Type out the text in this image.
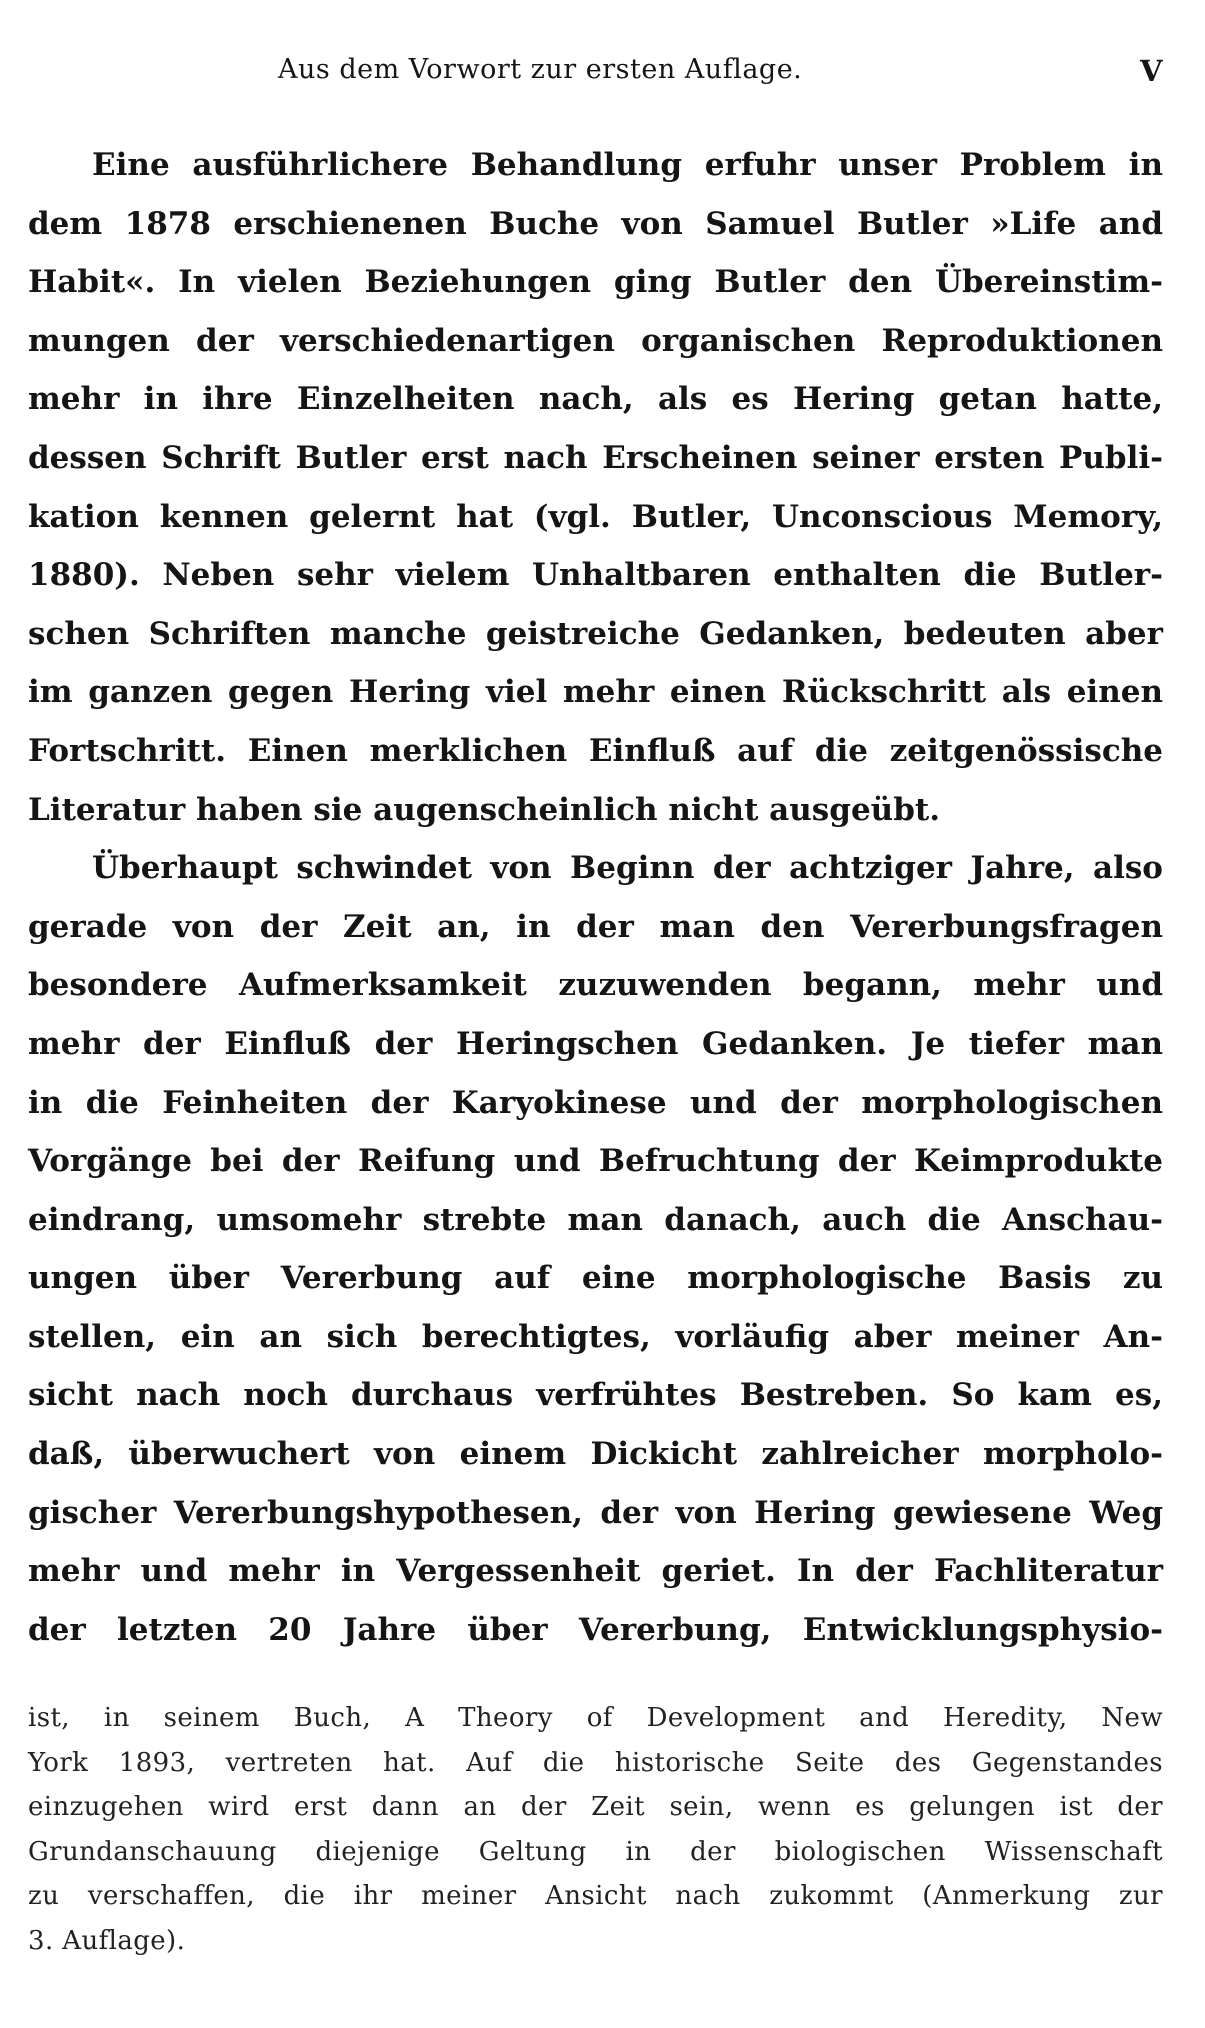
Aus dem Vorwort zur ersten Auflage.	V
Eine ausführlichere Behandlung erfuhr unser Problem in
dem 1878 erschienenen Buche von Samuel Butler »Life and
Habit«. In vielen Beziehungen ging Butler den Übereinstim-
mungen der verschiedenartigen organischen Reproduktionen
mehr in ihre Einzelheiten nach, als es Hering getan hatte,
dessen Schrift Butler erst nach Erscheinen seiner ersten Publi-
kation kennen gelernt hat (vgl. Butler, Unconscious Memory,
1880). Neben sehr vielem Unhaltbaren enthalten die Butler-
schen Schriften manche geistreiche Gedanken, bedeuten aber
im ganzen gegen Hering viel mehr einen Rückschritt als einen
Fortschritt. Einen merklichen Einfluß auf die zeitgenössische
Literatur haben sie augenscheinlich nicht ausgeübt.
Überhaupt schwindet von Beginn der achtziger Jahre, also
gerade von der Zeit an, in der man den Vererbungsfragen
besondere Aufmerksamkeit zuzuwenden begann, mehr und
mehr der Einfluß der Heringschen Gedanken. Je tiefer man
in die Feinheiten der Karyokinese und der morphologischen
Vorgänge bei der Reifung und Befruchtung der Keimprodukte
eindrang, umsomehr strebte man danach, auch die Anschau-
ungen über Vererbung auf eine morphologische Basis zu
stellen, ein an sich berechtigtes, vorläufig aber meiner An-
sicht nach noch durchaus verfrühtes Bestreben. So kam es,
daß, überwuchert von einem Dickicht zahlreicher morpholo-
gischer Vererbungshypothesen, der von Hering gewiesene Weg
mehr und mehr in Vergessenheit geriet. In der Fachliteratur
der letzten 20 Jahre über Vererbung, Entwicklungsphysio-
ist, in seinem Buch, A Theory of Development and Heredity, New
York 1893, vertreten hat. Auf die historische Seite des Gegenstandes
einzugehen wird erst dann an der Zeit sein, wenn es gelungen ist der
Grundanschauung diejenige Geltung in der biologischen Wissenschaft
zu verschaffen, die ihr meiner Ansicht nach zukommt (Anmerkung zur
3. Auflage).
